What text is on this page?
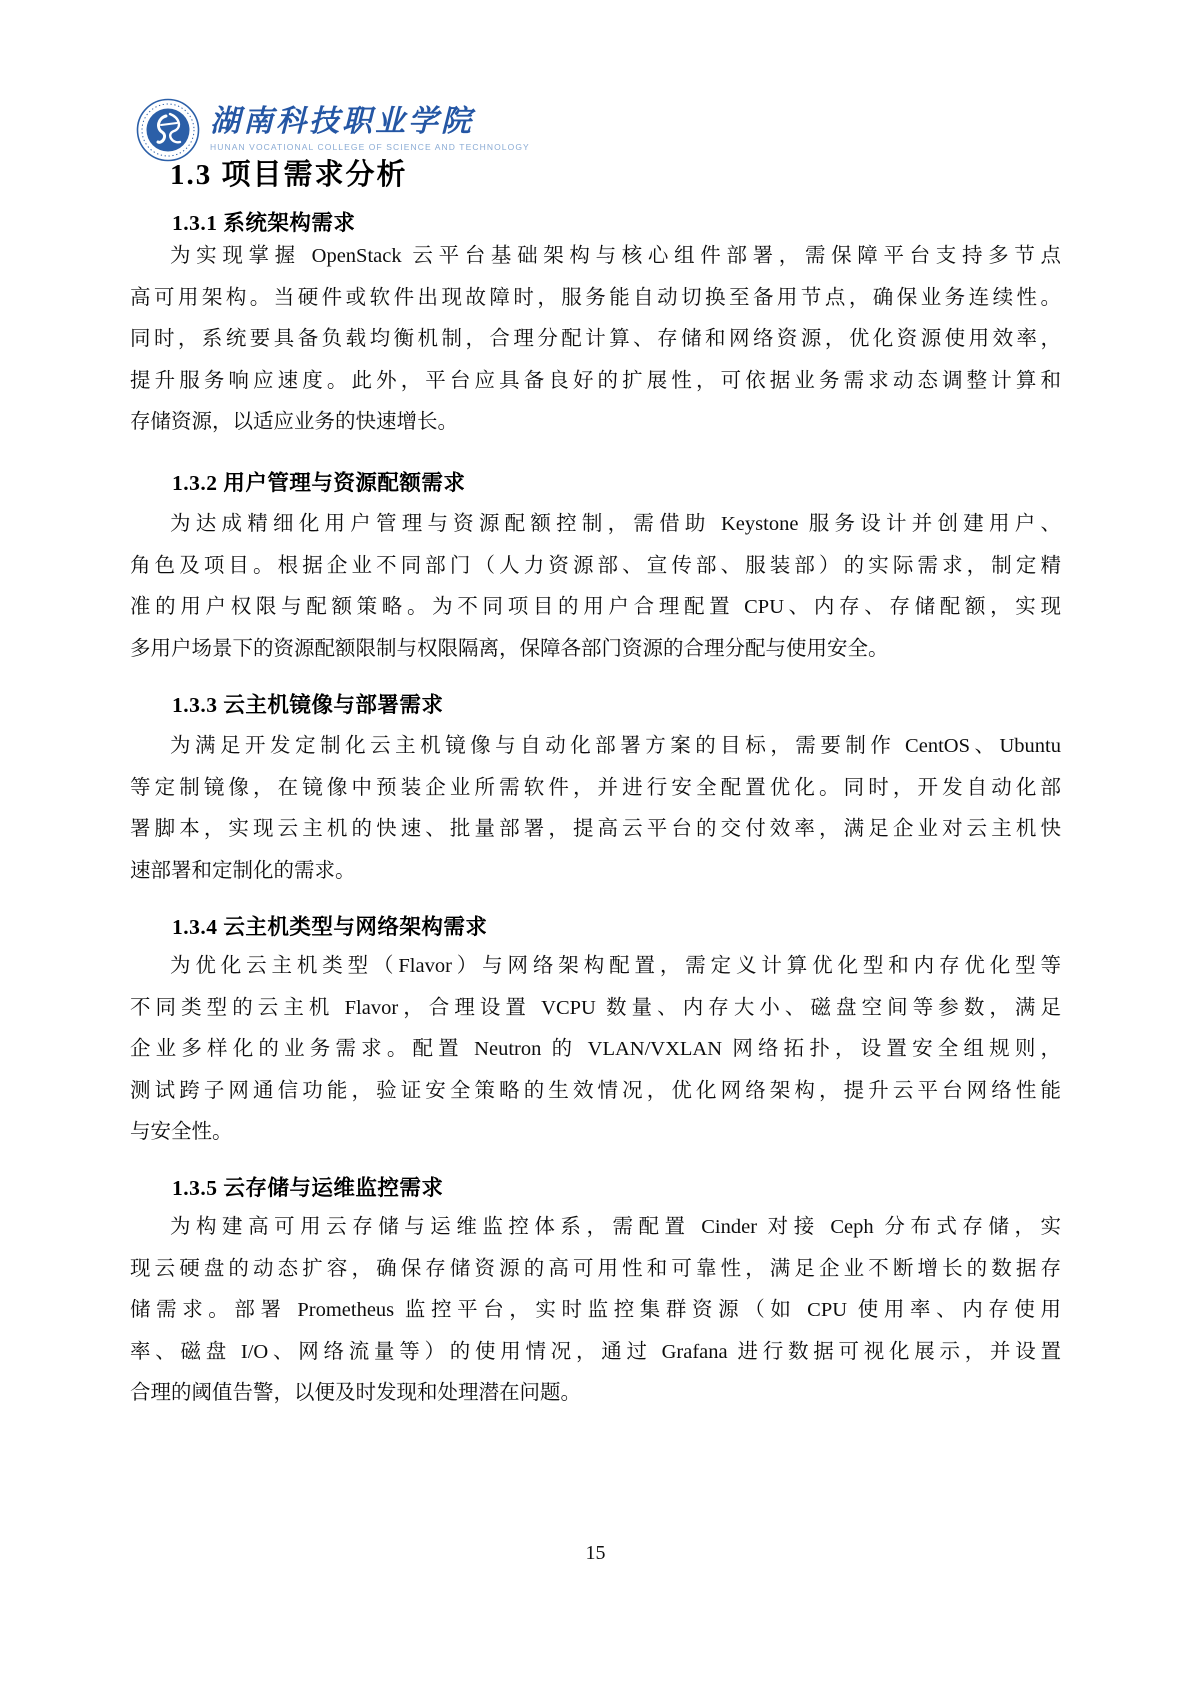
湖南科技职业学院
HUNAN VOCATIONAL COLLEGE OF SCIENCE AND TECHNOLOGY
1.3 项目需求分析
15
1.3.1 系统架构需求
为实现掌握 OpenStack 云平台基础架构与核心组件部署，需保障平台支持多节点
高可用架构。当硬件或软件出现故障时，服务能自动切换至备用节点，确保业务连续性。
同时，系统要具备负载均衡机制，合理分配计算、存储和网络资源，优化资源使用效率，
提升服务响应速度。此外，平台应具备良好的扩展性，可依据业务需求动态调整计算和
存储资源，以适应业务的快速增长。
1.3.2 用户管理与资源配额需求
为达成精细化用户管理与资源配额控制，需借助 Keystone 服务设计并创建用户、
角色及项目。根据企业不同部门（人力资源部、宣传部、服装部）的实际需求，制定精
准的用户权限与配额策略。为不同项目的用户合理配置 CPU、内存、存储配额，实现
多用户场景下的资源配额限制与权限隔离，保障各部门资源的合理分配与使用安全。
1.3.3 云主机镜像与部署需求
为满足开发定制化云主机镜像与自动化部署方案的目标，需要制作 CentOS、Ubuntu
等定制镜像，在镜像中预装企业所需软件，并进行安全配置优化。同时，开发自动化部
署脚本，实现云主机的快速、批量部署，提高云平台的交付效率，满足企业对云主机快
速部署和定制化的需求。
1.3.4 云主机类型与网络架构需求
为优化云主机类型（Flavor）与网络架构配置，需定义计算优化型和内存优化型等
不同类型的云主机 Flavor，合理设置 VCPU 数量、内存大小、磁盘空间等参数，满足
企业多样化的业务需求。配置 Neutron 的 VLAN/VXLAN 网络拓扑，设置安全组规则，
测试跨子网通信功能，验证安全策略的生效情况，优化网络架构，提升云平台网络性能
与安全性。
1.3.5 云存储与运维监控需求
为构建高可用云存储与运维监控体系，需配置 Cinder 对接 Ceph 分布式存储，实
现云硬盘的动态扩容，确保存储资源的高可用性和可靠性，满足企业不断增长的数据存
储需求。部署 Prometheus 监控平台，实时监控集群资源（如 CPU 使用率、内存使用
率、磁盘 I/O、网络流量等）的使用情况，通过 Grafana 进行数据可视化展示，并设置
合理的阈值告警，以便及时发现和处理潜在问题。
